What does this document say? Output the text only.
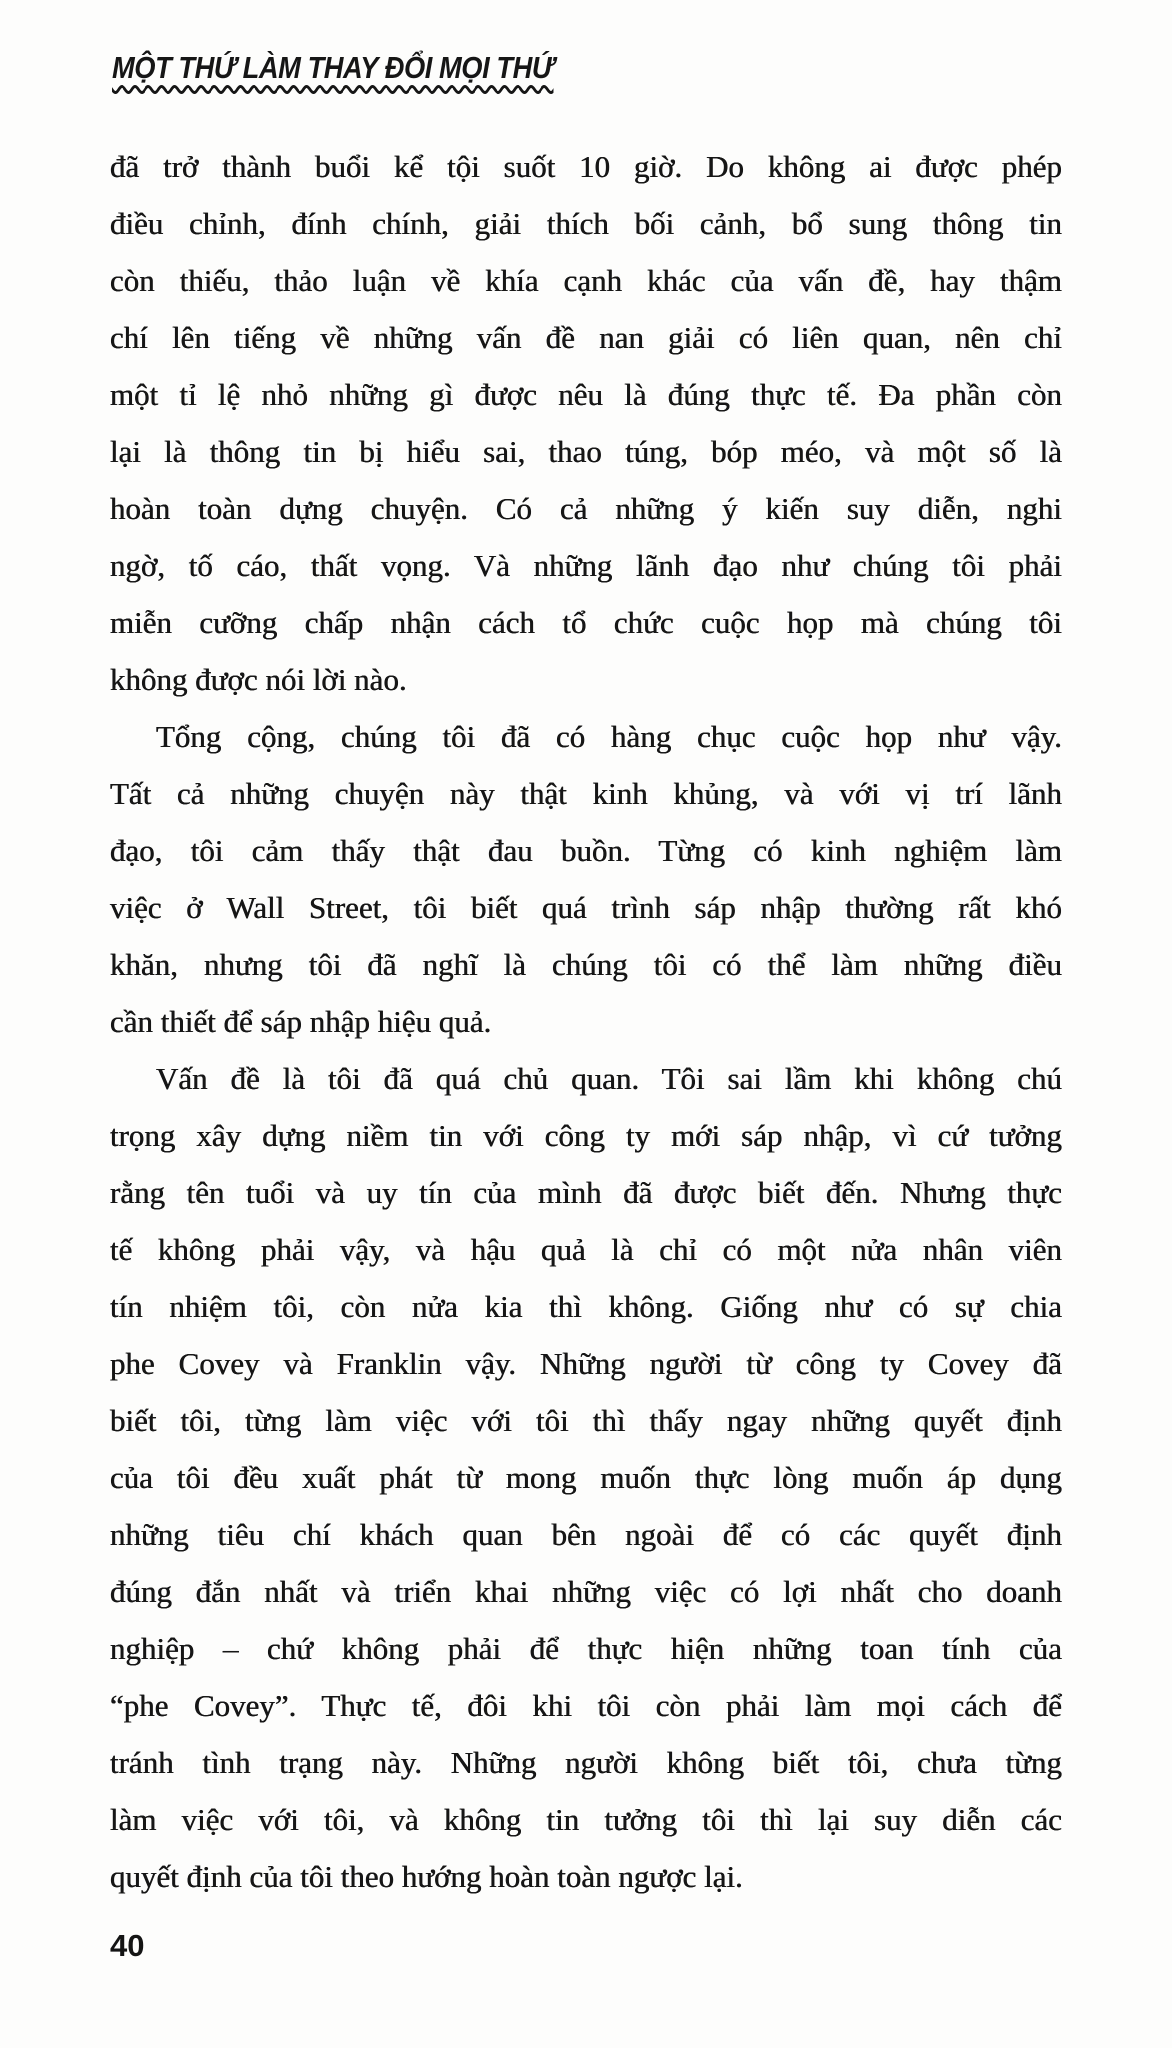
MỘT THỨ LÀM THAY ĐỔI MỌI THỨ
đã trở thành buổi kể tội suốt 10 giờ. Do không ai được phép
điều chỉnh, đính chính, giải thích bối cảnh, bổ sung thông tin
còn thiếu, thảo luận về khía cạnh khác của vấn đề, hay thậm
chí lên tiếng về những vấn đề nan giải có liên quan, nên chỉ
một tỉ lệ nhỏ những gì được nêu là đúng thực tế. Đa phần còn
lại là thông tin bị hiểu sai, thao túng, bóp méo, và một số là
hoàn toàn dựng chuyện. Có cả những ý kiến suy diễn, nghi
ngờ, tố cáo, thất vọng. Và những lãnh đạo như chúng tôi phải
miễn cưỡng chấp nhận cách tổ chức cuộc họp mà chúng tôi
không được nói lời nào.
Tổng cộng, chúng tôi đã có hàng chục cuộc họp như vậy.
Tất cả những chuyện này thật kinh khủng, và với vị trí lãnh
đạo, tôi cảm thấy thật đau buồn. Từng có kinh nghiệm làm
việc ở Wall Street, tôi biết quá trình sáp nhập thường rất khó
khăn, nhưng tôi đã nghĩ là chúng tôi có thể làm những điều
cần thiết để sáp nhập hiệu quả.
Vấn đề là tôi đã quá chủ quan. Tôi sai lầm khi không chú
trọng xây dựng niềm tin với công ty mới sáp nhập, vì cứ tưởng
rằng tên tuổi và uy tín của mình đã được biết đến. Nhưng thực
tế không phải vậy, và hậu quả là chỉ có một nửa nhân viên
tín nhiệm tôi, còn nửa kia thì không. Giống như có sự chia
phe Covey và Franklin vậy. Những người từ công ty Covey đã
biết tôi, từng làm việc với tôi thì thấy ngay những quyết định
của tôi đều xuất phát từ mong muốn thực lòng muốn áp dụng
những tiêu chí khách quan bên ngoài để có các quyết định
đúng đắn nhất và triển khai những việc có lợi nhất cho doanh
nghiệp – chứ không phải để thực hiện những toan tính của
“phe Covey”. Thực tế, đôi khi tôi còn phải làm mọi cách để
tránh tình trạng này. Những người không biết tôi, chưa từng
làm việc với tôi, và không tin tưởng tôi thì lại suy diễn các
quyết định của tôi theo hướng hoàn toàn ngược lại.
40
